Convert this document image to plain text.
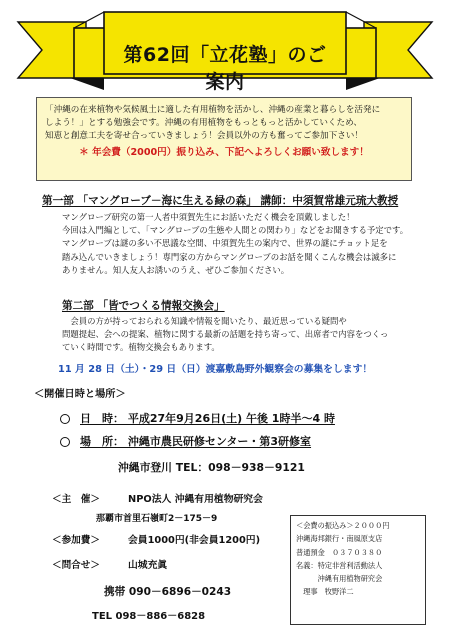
第62回「立花塾」のご案内

「沖縄の在来植物や気候風土に適した有用植物を活かし、沖縄の産業と暮らしを活発に

しよう！」とする勉強会です。沖縄の有用植物をもっともっと活かしていくため、

知恵と創意工夫を寄せ合っていきましょう！会員以外の方も奮ってご参加下さい！

＊ 年会費（2000円）振り込み、下記へよろしくお願い致します！

第一部 「マングローブ－海に生える緑の森」 講師：中須賀常雄元琉大教授
マングローブ研究の第一人者中須賀先生にお話いただく機会を頂戴しました！
今回は入門編として、「マングローブの生態や人間との関わり」などをお聞きする予定です。
マングローブは謎の多い不思議な空間、中須賀先生の案内で、世界の謎にチョット足を
踏み込んでいきましょう！専門家の方からマングローブのお話を聞くこんな機会は滅多に
ありません。知人友人お誘いのうえ、ぜひご参加ください。
第二部 「皆でつくる情報交換会」
　会員の方が持っておられる知識や情報を聞いたり、最近思っている疑問や
問題提起、会への提案、植物に関する最新の話題を持ち寄って、出席者で内容をつくっ
ていく時間です。植物交換会もあります。
11 月 28 日（土）・29 日（日）渡嘉敷島野外観察会の募集をします！
＜開催日時と場所＞
日　時： 平成27年9月26日(土) 午後 1時半～4 時
場　所： 沖縄市農民研修センター・第3研修室
沖縄市登川 TEL：098－938－9121
＜主　催＞	NPO法人 沖縄有用植物研究会
那覇市首里石嶺町2－175－9
＜参加費＞	会員1000円(非会員1200円)
＜問合せ＞	山城充眞
携帯 090－6896－0243
TEL 098－886－6828
＜会費の振込み＞２０００円
沖縄海邦銀行・南風原支店
普通預金　０３７０３８０
名義：特定非営利活動法人
　　　沖縄有用植物研究会
　理事　牧野洋二
